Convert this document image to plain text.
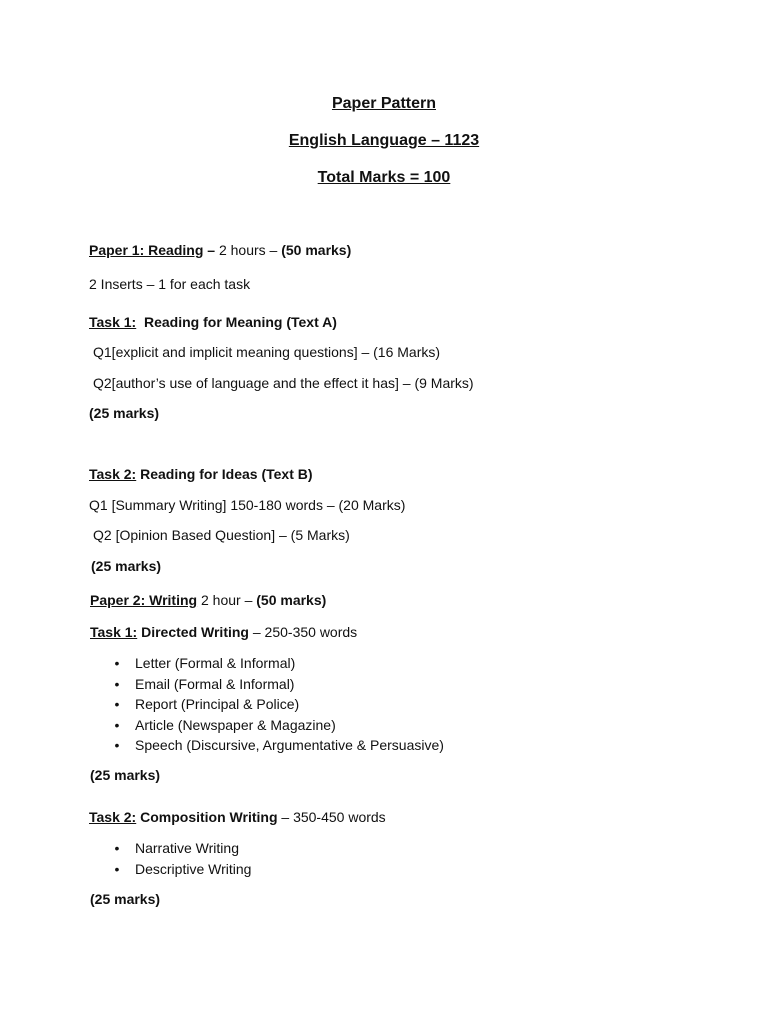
Paper Pattern
English Language – 1123
Total Marks = 100
Paper 1: Reading – 2 hours – (50 marks)
2 Inserts – 1 for each task
Task 1:  Reading for Meaning (Text A)
Q1[explicit and implicit meaning questions] – (16 Marks)
Q2[author’s use of language and the effect it has] – (9 Marks)
(25 marks)
Task 2: Reading for Ideas (Text B)
Q1 [Summary Writing] 150-180 words – (20 Marks)
Q2 [Opinion Based Question] – (5 Marks)
(25 marks)
Paper 2: Writing 2 hour – (50 marks)
Task 1: Directed Writing – 250-350 words
• Letter (Formal & Informal)
• Email (Formal & Informal)
• Report (Principal & Police)
• Article (Newspaper & Magazine)
• Speech (Discursive, Argumentative & Persuasive)
(25 marks)
Task 2: Composition Writing – 350-450 words
• Narrative Writing
• Descriptive Writing
(25 marks)
